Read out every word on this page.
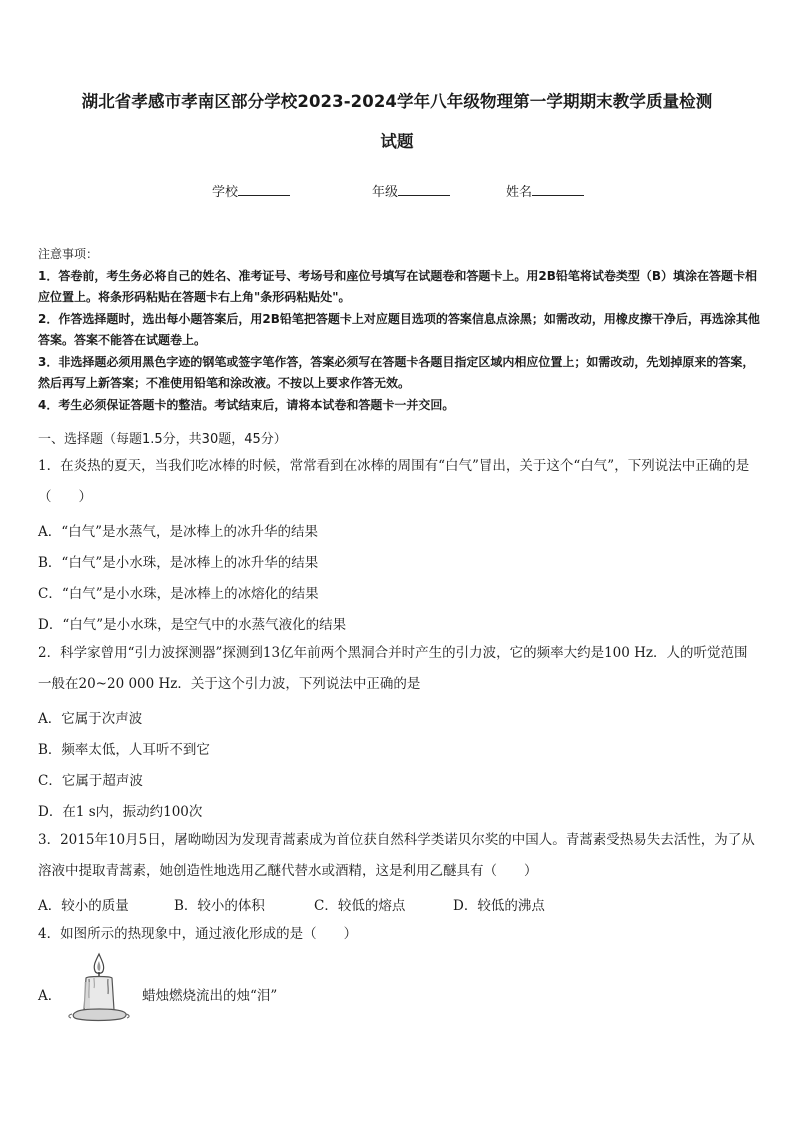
湖北省孝感市孝南区部分学校2023-2024学年八年级物理第一学期期末教学质量检测
试题
学校	年级	姓名
注意事项：
1．答卷前，考生务必将自己的姓名、准考证号、考场号和座位号填写在试题卷和答题卡上。用2B铅笔将试卷类型（B）填涂在答题卡相应位置上。将条形码粘贴在答题卡右上角"条形码粘贴处"。
2．作答选择题时，选出每小题答案后，用2B铅笔把答题卡上对应题目选项的答案信息点涂黑；如需改动，用橡皮擦干净后，再选涂其他答案。答案不能答在试题卷上。
3．非选择题必须用黑色字迹的钢笔或签字笔作答，答案必须写在答题卡各题目指定区域内相应位置上；如需改动，先划掉原来的答案，然后再写上新答案；不准使用铅笔和涂改液。不按以上要求作答无效。
4．考生必须保证答题卡的整洁。考试结束后，请将本试卷和答题卡一并交回。
一、选择题（每题1.5分，共30题，45分）
1．在炎热的夏天，当我们吃冰棒的时候，常常看到在冰棒的周围有“白气”冒出，关于这个“白气”，下列说法中正确的是（　　）
A．“白气”是水蒸气，是冰棒上的冰升华的结果
B．“白气”是小水珠，是冰棒上的冰升华的结果
C．“白气”是小水珠，是冰棒上的冰熔化的结果
D．“白气”是小水珠，是空气中的水蒸气液化的结果
2．科学家曾用“引力波探测器”探测到13亿年前两个黑洞合并时产生的引力波，它的频率大约是100 Hz．人的听觉范围一般在20~20 000 Hz．关于这个引力波，下列说法中正确的是
A．它属于次声波
B．频率太低，人耳听不到它
C．它属于超声波
D．在1 s内，振动约100次
3．2015年10月5日，屠呦呦因为发现青蒿素成为首位获自然科学类诺贝尔奖的中国人。青蒿素受热易失去活性，为了从溶液中提取青蒿素，她创造性地选用乙醚代替水或酒精，这是利用乙醚具有（　　）
A．较小的质量	B．较小的体积	C．较低的熔点	D．较低的沸点
4．如图所示的热现象中，通过液化形成的是（　　）
A．	蜡烛燃烧流出的烛“泪”
